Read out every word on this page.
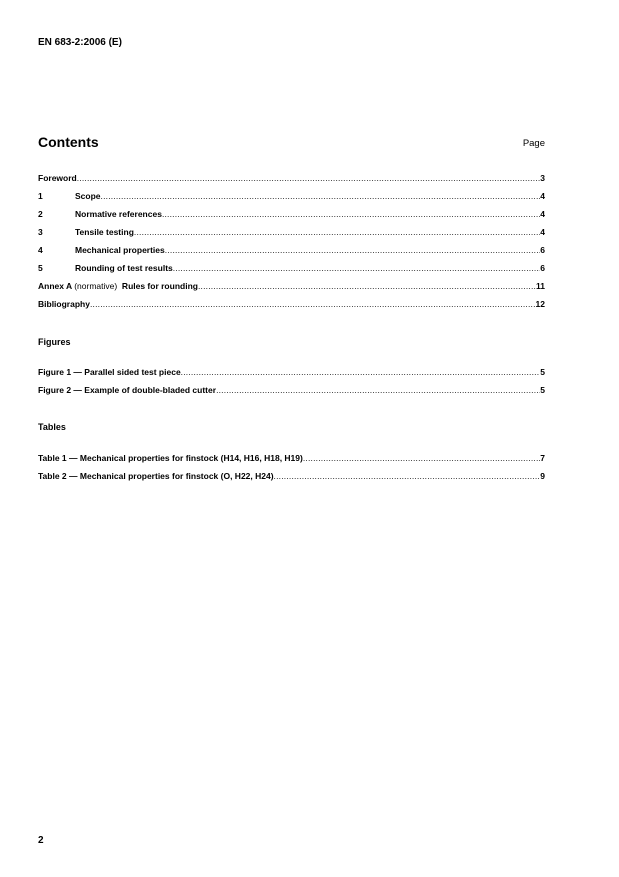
EN 683-2:2006 (E)
Contents	Page
Foreword .....	3
1	Scope .....	4
2	Normative references .....	4
3	Tensile testing .....	4
4	Mechanical properties .....	6
5	Rounding of test results .....	6
Annex A (normative)  Rules for rounding .....	11
Bibliography .....	12
Figures
Figure 1 — Parallel sided test piece .....	5
Figure 2 — Example of double-bladed cutter .....	5
Tables
Table 1 — Mechanical properties for finstock (H14, H16, H18, H19) .....	7
Table 2 — Mechanical properties for finstock (O, H22, H24) .....	9
2
